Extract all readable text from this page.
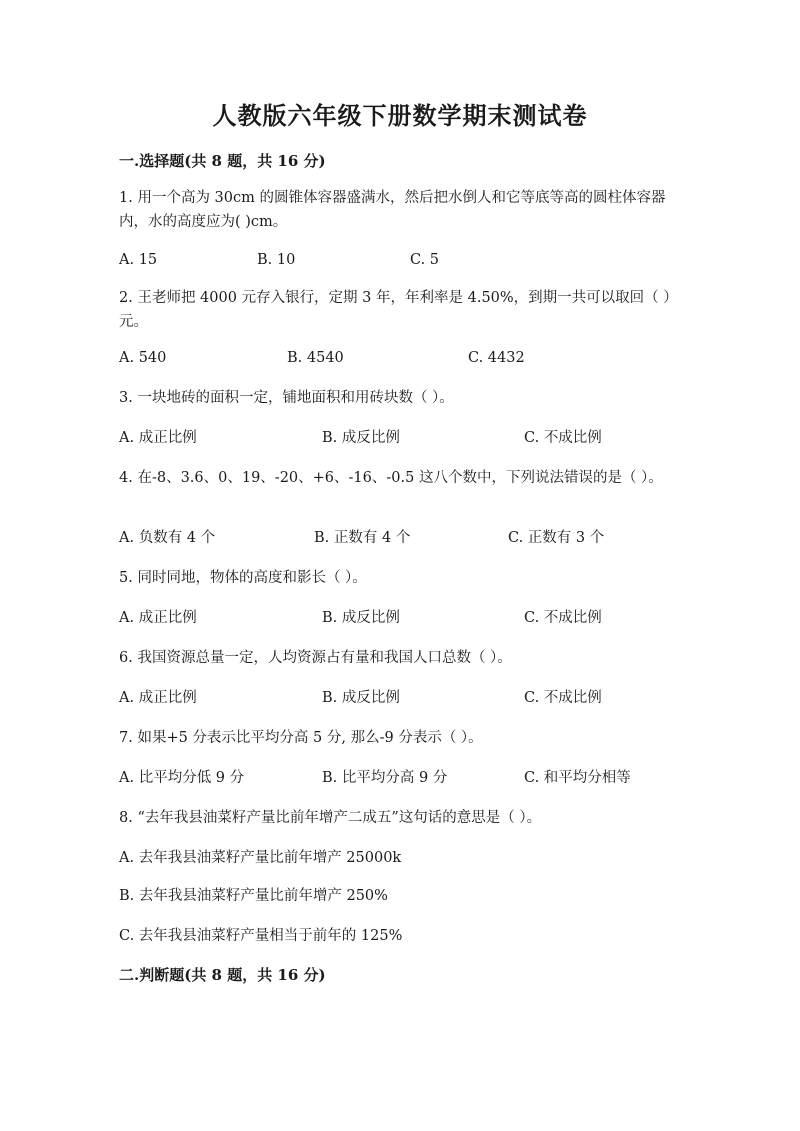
人教版六年级下册数学期末测试卷
一.选择题(共 8 题，共 16 分)
1. 用一个高为 30cm 的圆锥体容器盛满水，然后把水倒人和它等底等高的圆柱体容器内，水的高度应为( )cm。
A. 15	B. 10	C. 5
2. 王老师把 4000 元存入银行，定期 3 年，年利率是 4.50%，到期一共可以取回（ ）元。
A. 540	B. 4540	C. 4432
3. 一块地砖的面积一定，铺地面积和用砖块数（ ）。
A. 成正比例	B. 成反比例	C. 不成比例
4. 在-8、3.6、0、19、-20、+6、-16、-0.5 这八个数中，下列说法错误的是（ ）。
A. 负数有 4 个	B. 正数有 4 个	C. 正数有 3 个
5. 同时同地，物体的高度和影长（ ）。
A. 成正比例	B. 成反比例	C. 不成比例
6. 我国资源总量一定，人均资源占有量和我国人口总数（ ）。
A. 成正比例	B. 成反比例	C. 不成比例
7. 如果+5 分表示比平均分高 5 分, 那么-9 分表示（ ）。
A. 比平均分低 9 分	B. 比平均分高 9 分	C. 和平均分相等
8. “去年我县油菜籽产量比前年增产二成五”这句话的意思是（ ）。
A. 去年我县油菜籽产量比前年增产 25000k
B. 去年我县油菜籽产量比前年增产 250%
C. 去年我县油菜籽产量相当于前年的 125%
二.判断题(共 8 题，共 16 分)
